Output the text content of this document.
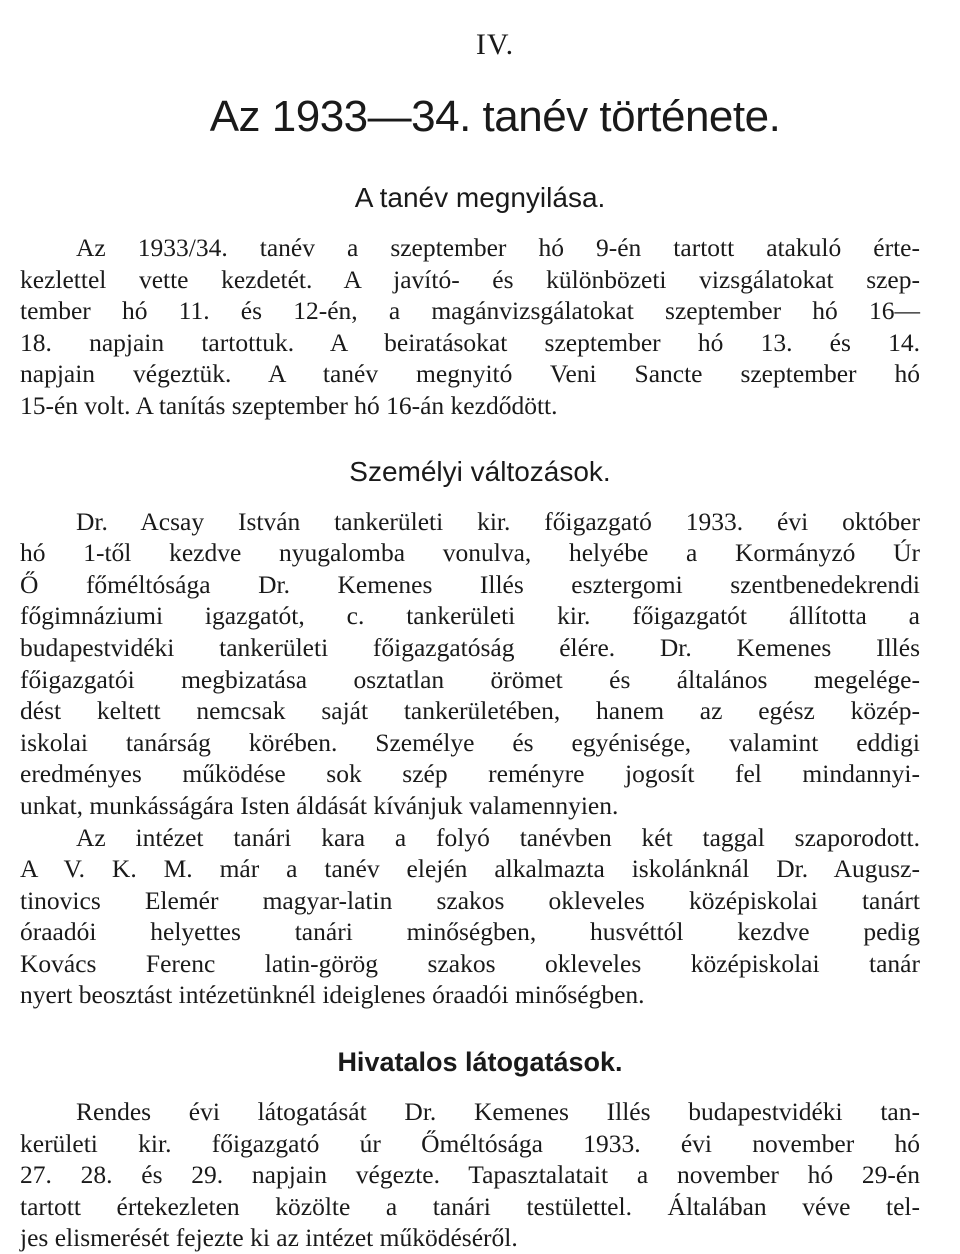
IV.
Az 1933—34. tanév története.
A tanév megnyilása.
Az 1933/34. tanév a szeptember hó 9-én tartott atakuló érte-
kezlettel vette kezdetét. A javító- és különbözeti vizsgálatokat szep-
tember hó 11. és 12-én, a magánvizsgálatokat szeptember hó 16—
18. napjain tartottuk. A beiratásokat szeptember hó 13. és 14.
napjain végeztük. A tanév megnyitó Veni Sancte szeptember hó
15-én volt. A tanítás szeptember hó 16-án kezdődött.
Személyi változások.
Dr. Acsay István tankerületi kir. főigazgató 1933. évi október
hó 1-től kezdve nyugalomba vonulva, helyébe a Kormányzó Úr
Ő főméltósága Dr. Kemenes Illés esztergomi szentbenedekrendi
főgimnáziumi igazgatót, c. tankerületi kir. főigazgatót állította a
budapestvidéki tankerületi főigazgatóság élére. Dr. Kemenes Illés
főigazgatói megbizatása osztatlan örömet és általános megelége-
dést keltett nemcsak saját tankerületében, hanem az egész közép-
iskolai tanárság körében. Személye és egyénisége, valamint eddigi
eredményes működése sok szép reményre jogosít fel mindannyi-
unkat, munkásságára Isten áldását kívánjuk valamennyien.
Az intézet tanári kara a folyó tanévben két taggal szaporodott.
A V. K. M. már a tanév elején alkalmazta iskolánknál Dr. Augusz-
tinovics Elemér magyar-latin szakos okleveles középiskolai tanárt
óraadói helyettes tanári minőségben, husvéttól kezdve pedig
Kovács Ferenc latin-görög szakos okleveles középiskolai tanár
nyert beosztást intézetünknél ideiglenes óraadói minőségben.
Hivatalos látogatások.
Rendes évi látogatását Dr. Kemenes Illés budapestvidéki tan-
kerületi kir. főigazgató úr Őméltósága 1933. évi november hó
27. 28. és 29. napjain végezte. Tapasztalatait a november hó 29-én
tartott értekezleten közölte a tanári testülettel. Általában véve tel-
jes elismerését fejezte ki az intézet működéséről.
